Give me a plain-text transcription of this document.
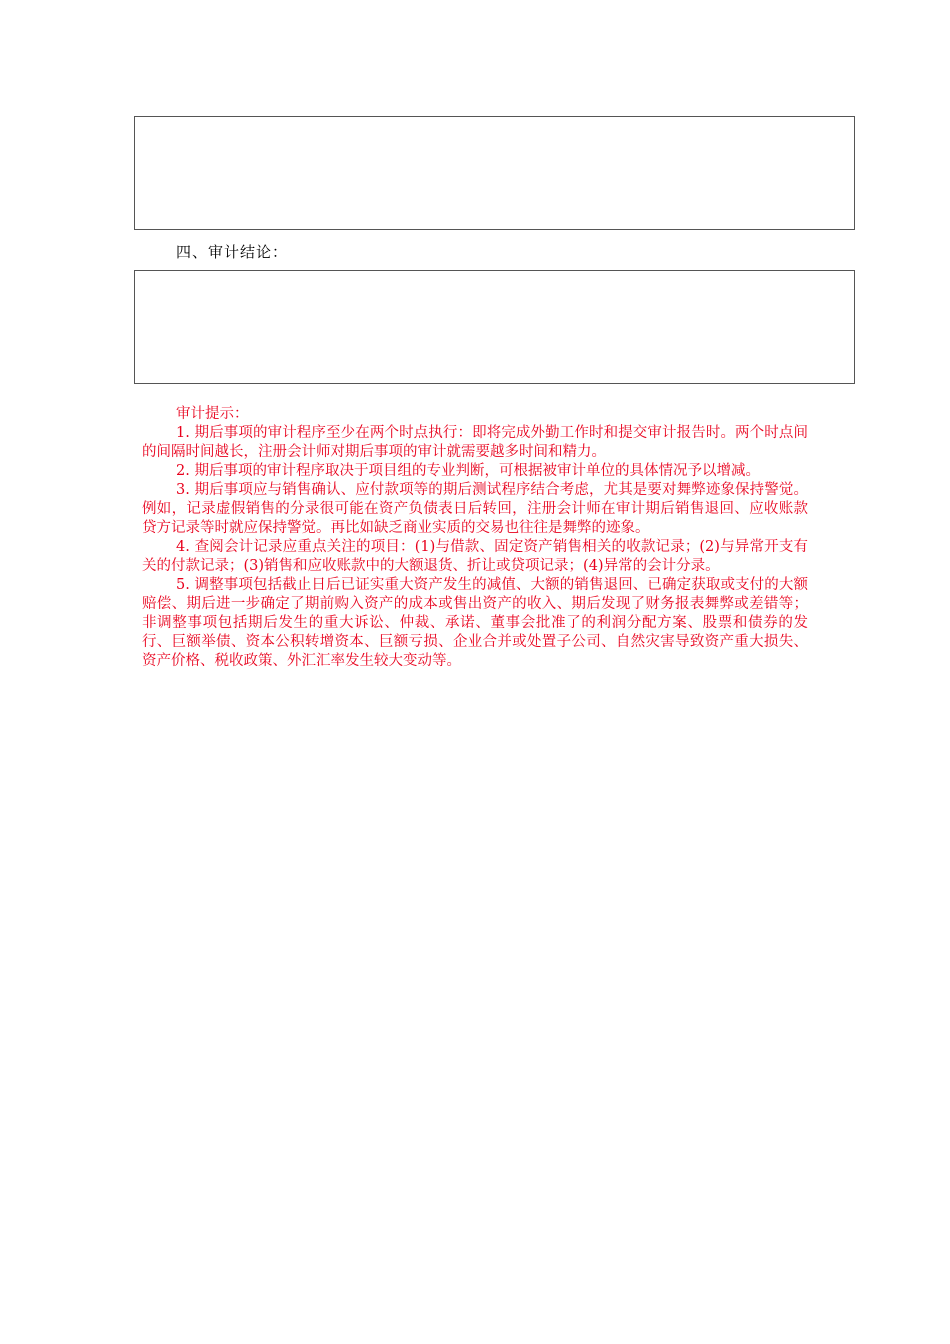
四、审计结论：
审计提示：

1. 期后事项的审计程序至少在两个时点执行：即将完成外勤工作时和提交审计报告时。两个时点间的间隔时间越长，注册会计师对期后事项的审计就需要越多时间和精力。

2. 期后事项的审计程序取决于项目组的专业判断，可根据被审计单位的具体情况予以增减。

3. 期后事项应与销售确认、应付款项等的期后测试程序结合考虑，尤其是要对舞弊迹象保持警觉。例如，记录虚假销售的分录很可能在资产负债表日后转回，注册会计师在审计期后销售退回、应收账款贷方记录等时就应保持警觉。再比如缺乏商业实质的交易也往往是舞弊的迹象。

4. 查阅会计记录应重点关注的项目：(1)与借款、固定资产销售相关的收款记录；(2)与异常开支有关的付款记录；(3)销售和应收账款中的大额退货、折让或贷项记录；(4)异常的会计分录。

5. 调整事项包括截止日后已证实重大资产发生的减值、大额的销售退回、已确定获取或支付的大额赔偿、期后进一步确定了期前购入资产的成本或售出资产的收入、期后发现了财务报表舞弊或差错等；非调整事项包括期后发生的重大诉讼、仲裁、承诺、董事会批准了的利润分配方案、股票和债券的发行、巨额举债、资本公积转增资本、巨额亏损、企业合并或处置子公司、自然灾害导致资产重大损失、资产价格、税收政策、外汇汇率发生较大变动等。
